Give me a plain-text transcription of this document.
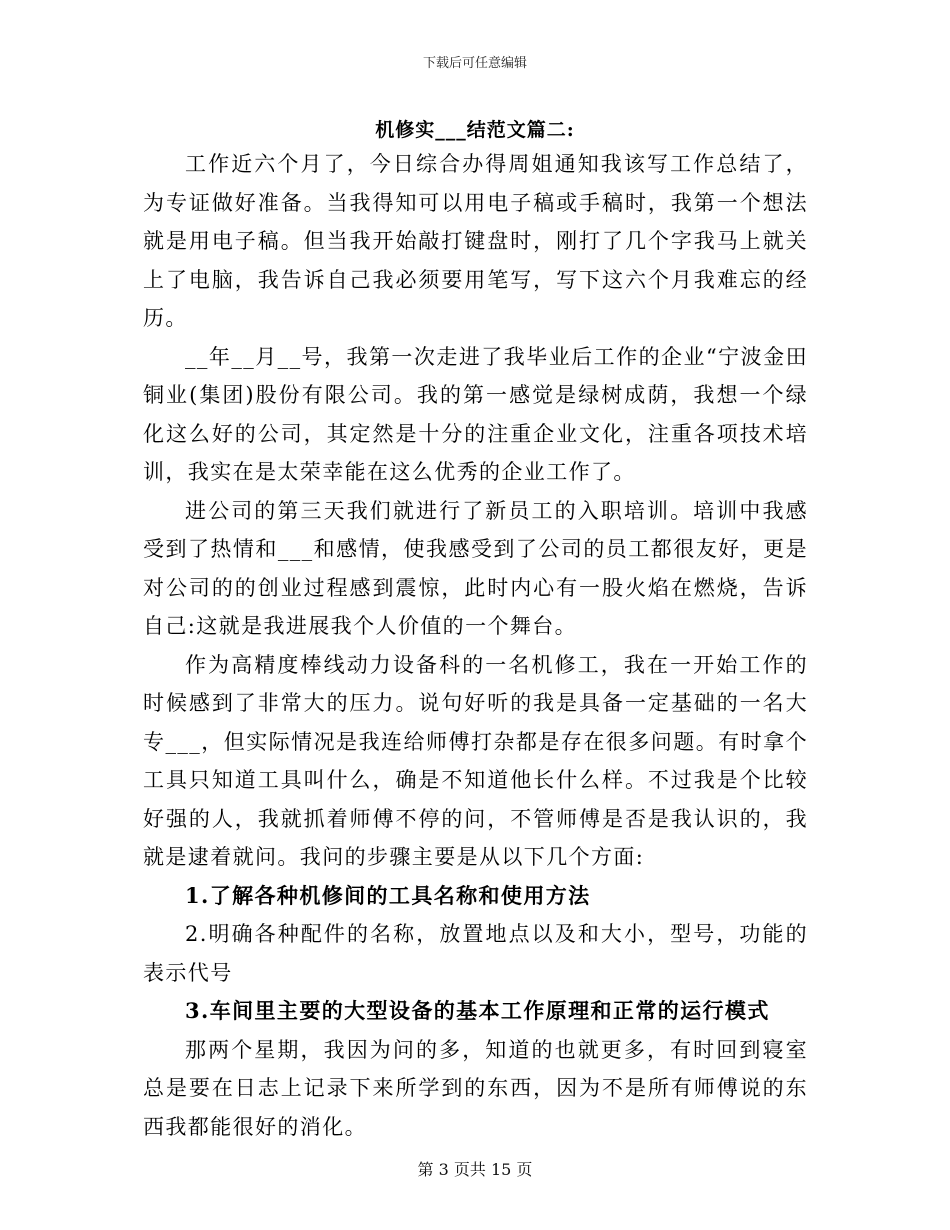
下载后可任意编辑
机修实___结范文篇二:

工作近六个月了，今日综合办得周姐通知我该写工作总结了，为专证做好准备。当我得知可以用电子稿或手稿时，我第一个想法就是用电子稿。但当我开始敲打键盘时，刚打了几个字我马上就关上了电脑，我告诉自己我必须要用笔写，写下这六个月我难忘的经历。

__年__月__号，我第一次走进了我毕业后工作的企业“宁波金田铜业(集团)股份有限公司。我的第一感觉是绿树成荫，我想一个绿化这么好的公司，其定然是十分的注重企业文化，注重各项技术培训，我实在是太荣幸能在这么优秀的企业工作了。

进公司的第三天我们就进行了新员工的入职培训。培训中我感受到了热情和___和感情，使我感受到了公司的员工都很友好，更是对公司的的创业过程感到震惊，此时内心有一股火焰在燃烧，告诉自己:这就是我进展我个人价值的一个舞台。

作为高精度棒线动力设备科的一名机修工，我在一开始工作的时候感到了非常大的压力。说句好听的我是具备一定基础的一名大专___，但实际情况是我连给师傅打杂都是存在很多问题。有时拿个工具只知道工具叫什么，确是不知道他长什么样。不过我是个比较好强的人，我就抓着师傅不停的问，不管师傅是否是我认识的，我就是逮着就问。我问的步骤主要是从以下几个方面:

1.了解各种机修间的工具名称和使用方法

2.明确各种配件的名称，放置地点以及和大小，型号，功能的表示代号

3.车间里主要的大型设备的基本工作原理和正常的运行模式

那两个星期，我因为问的多，知道的也就更多，有时回到寝室总是要在日志上记录下来所学到的东西，因为不是所有师傅说的东西我都能很好的消化。

第 3 页共 15 页
